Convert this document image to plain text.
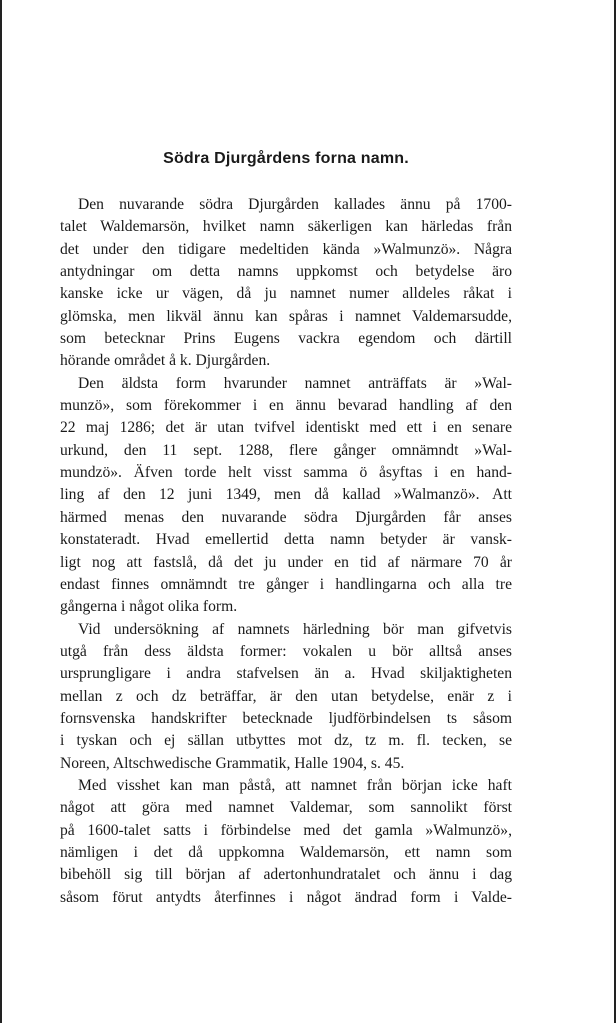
Södra Djurgårdens forna namn.
Den nuvarande södra Djurgården kallades ännu på 1700-
talet Waldemarsön, hvilket namn säkerligen kan härledas från
det under den tidigare medeltiden kända »Walmunzö». Några
antydningar om detta namns uppkomst och betydelse äro
kanske icke ur vägen, då ju namnet numer alldeles råkat i
glömska, men likväl ännu kan spåras i namnet Valdemarsudde,
som betecknar Prins Eugens vackra egendom och därtill
hörande området å k. Djurgården.
Den äldsta form hvarunder namnet anträffats är »Wal-
munzö», som förekommer i en ännu bevarad handling af den
22 maj 1286; det är utan tvifvel identiskt med ett i en senare
urkund, den 11 sept. 1288, flere gånger omnämndt »Wal-
mundzö». Äfven torde helt visst samma ö åsyftas i en hand-
ling af den 12 juni 1349, men då kallad »Walmanzö». Att
härmed menas den nuvarande södra Djurgården får anses
konstateradt. Hvad emellertid detta namn betyder är vansk-
ligt nog att fastslå, då det ju under en tid af närmare 70 år
endast finnes omnämndt tre gånger i handlingarna och alla tre
gångerna i något olika form.
Vid undersökning af namnets härledning bör man gifvetvis
utgå från dess äldsta former: vokalen u bör alltså anses
ursprungligare i andra stafvelsen än a. Hvad skiljaktigheten
mellan z och dz beträffar, är den utan betydelse, enär z i
fornsvenska handskrifter betecknade ljudförbindelsen ts såsom
i tyskan och ej sällan utbyttes mot dz, tz m. fl. tecken, se
Noreen, Altschwedische Grammatik, Halle 1904, s. 45.
Med visshet kan man påstå, att namnet från början icke haft
något att göra med namnet Valdemar, som sannolikt först
på 1600-talet satts i förbindelse med det gamla »Walmunzö»,
nämligen i det då uppkomna Waldemarsön, ett namn som
bibehöll sig till början af adertonhundratalet och ännu i dag
såsom förut antydts återfinnes i något ändrad form i Valde-
